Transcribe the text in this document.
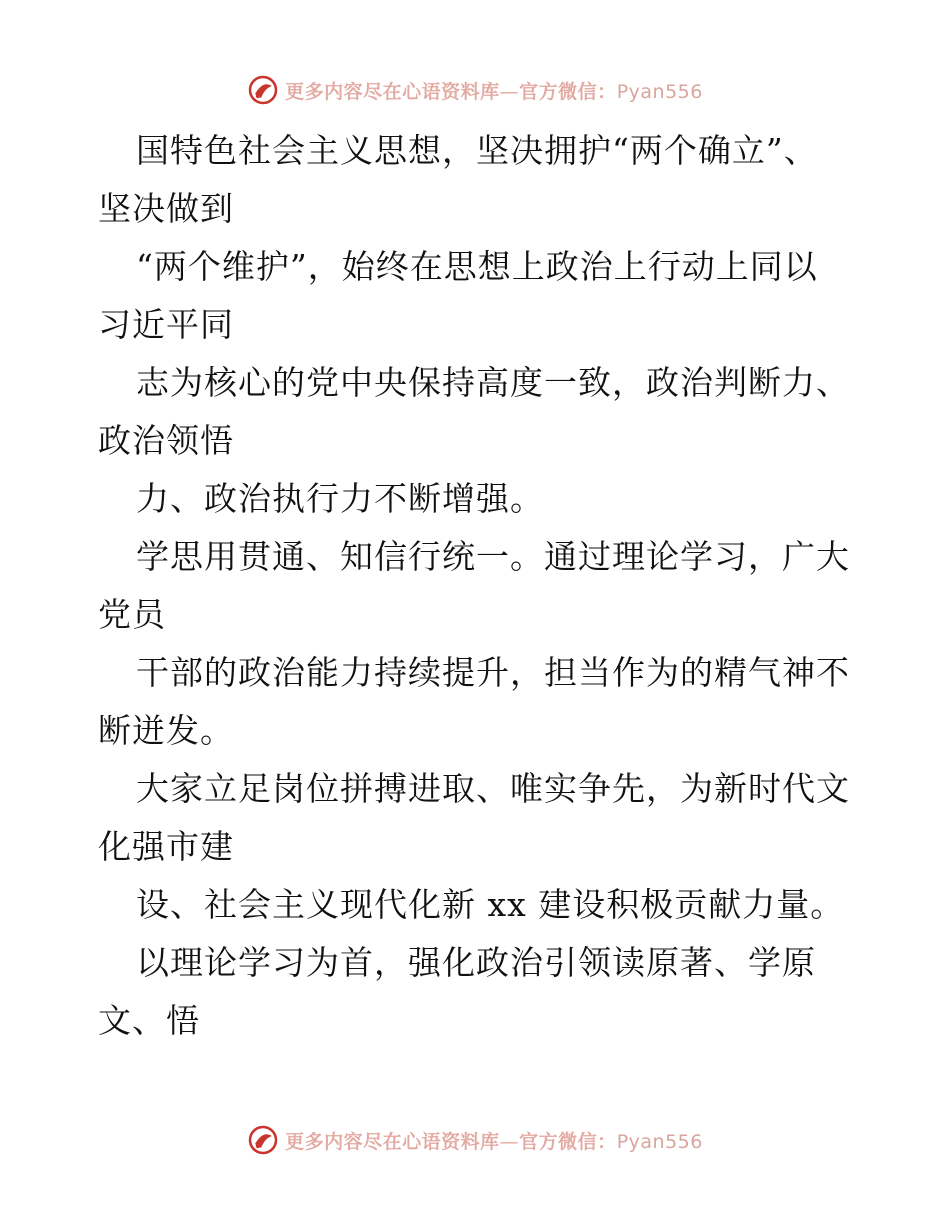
更多内容尽在心语资料库—官方微信：Pyan556
国特色社会主义思想，坚决拥护“两个确立”、
坚决做到
“两个维护”，始终在思想上政治上行动上同以
习近平同
志为核心的党中央保持高度一致，政治判断力、
政治领悟
力、政治执行力不断增强。
学思用贯通、知信行统一。通过理论学习，广大
党员
干部的政治能力持续提升，担当作为的精气神不
断迸发。
大家立足岗位拼搏进取、唯实争先，为新时代文
化强市建
设、社会主义现代化新 xx 建设积极贡献力量。
以理论学习为首，强化政治引领读原著、学原
文、悟
更多内容尽在心语资料库—官方微信：Pyan556
